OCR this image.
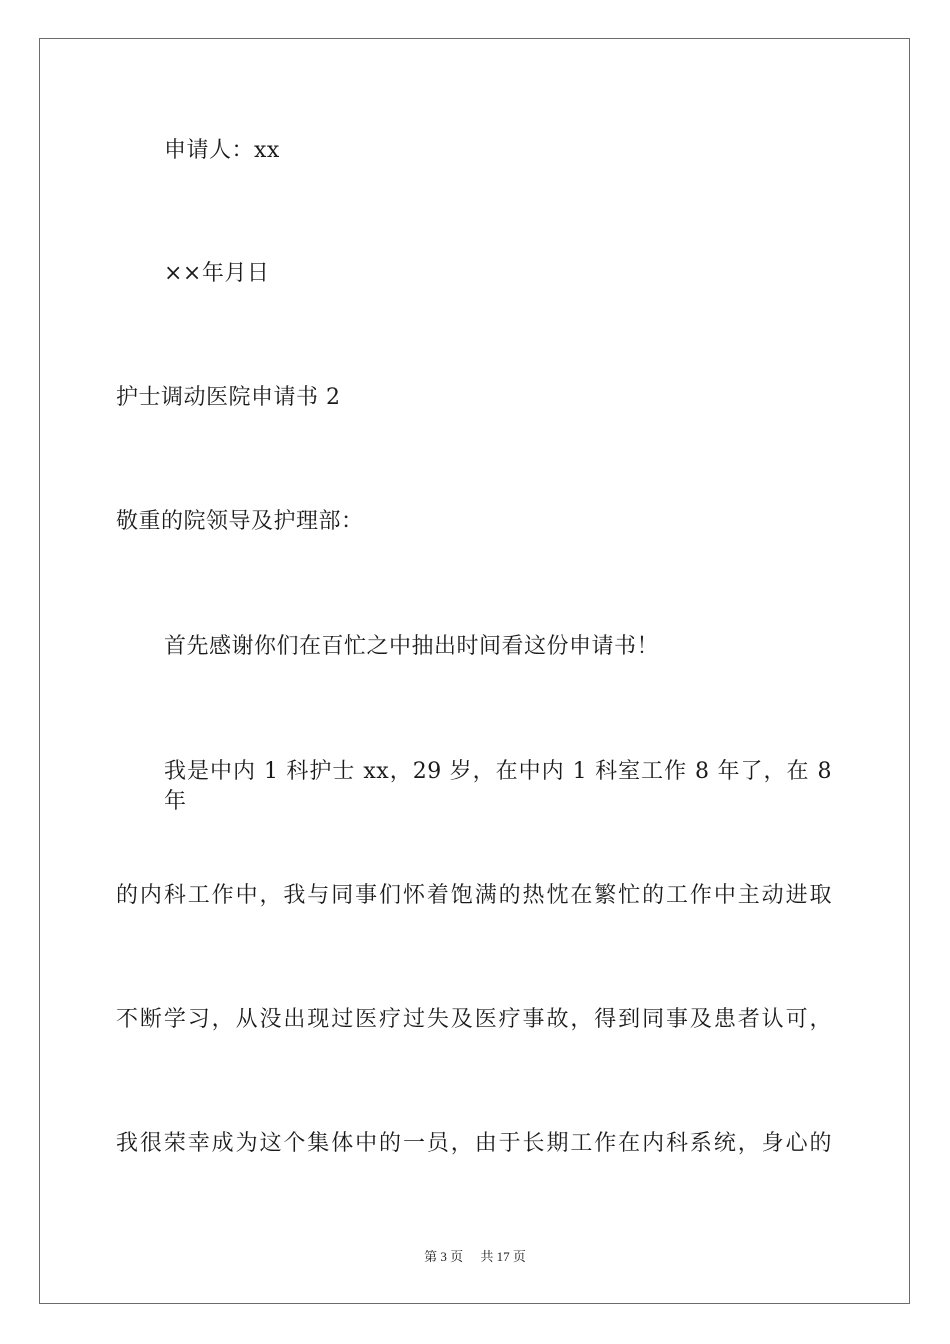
申请人：xx
××年月日
护士调动医院申请书 2
敬重的院领导及护理部：
首先感谢你们在百忙之中抽出时间看这份申请书！
我是中内 1 科护士 xx，29 岁，在中内 1 科室工作 8 年了，在 8 年
的内科工作中，我与同事们怀着饱满的热忱在繁忙的工作中主动进取
不断学习，从没出现过医疗过失及医疗事故，得到同事及患者认可，
我很荣幸成为这个集体中的一员，由于长期工作在内科系统，身心的
第 3 页 共 17 页
